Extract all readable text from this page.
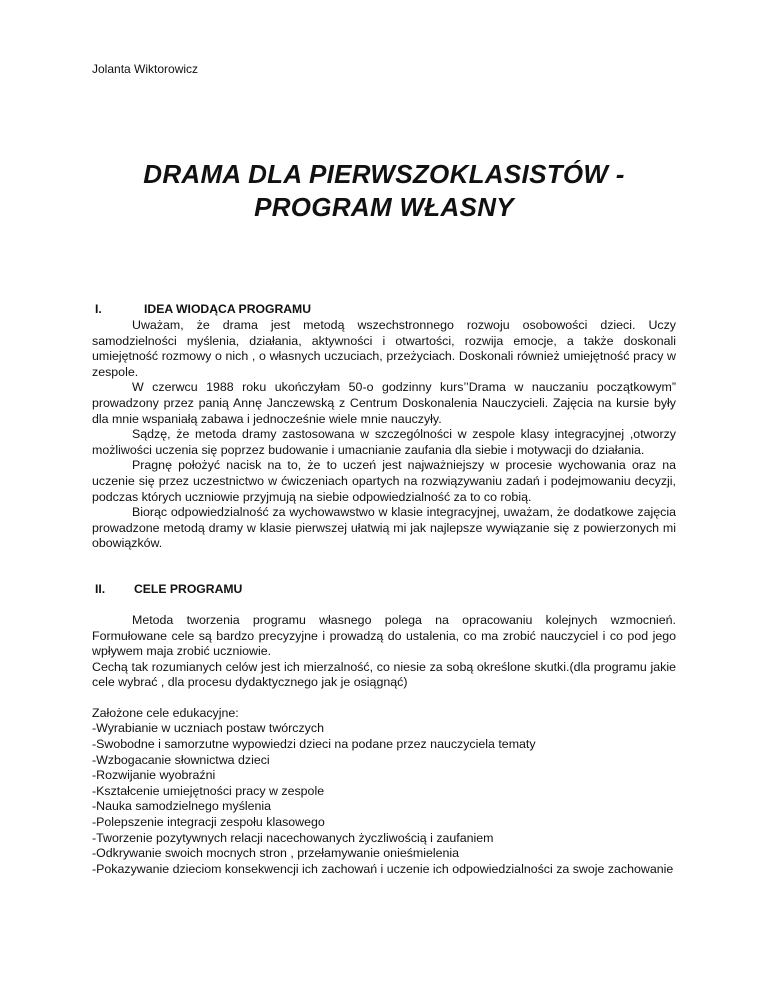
Jolanta Wiktorowicz
DRAMA DLA PIERWSZOKLASISTÓW -
PROGRAM WŁASNY
I.	IDEA WIODĄCA PROGRAMU

Uważam, że drama jest metodą wszechstronnego rozwoju osobowości dzieci. Uczy samodzielności myślenia, działania, aktywności i otwartości, rozwija emocje, a także doskonali umiejętność rozmowy o nich , o własnych uczuciach, przeżyciach. Doskonali również umiejętność pracy w zespole.

W czerwcu 1988 roku ukończyłam 50-o godzinny kurs’’Drama w nauczaniu początkowym” prowadzony przez panią Annę Janczewską z Centrum Doskonalenia Nauczycieli. Zajęcia na kursie były dla mnie wspaniałą zabawa i jednocześnie wiele mnie nauczyły.

Sądzę, że metoda dramy zastosowana w szczególności w zespole klasy integracyjnej ,otworzy możliwości uczenia się poprzez budowanie i umacnianie zaufania dla siebie i motywacji do działania.

Pragnę położyć nacisk na to, że to uczeń jest najważniejszy w procesie wychowania oraz na uczenie się przez uczestnictwo w ćwiczeniach opartych na rozwiązywaniu zadań i podejmowaniu decyzji, podczas których uczniowie przyjmują na siebie odpowiedzialność za to co robią.

Biorąc odpowiedzialność za wychowawstwo w klasie integracyjnej, uważam, że dodatkowe zajęcia prowadzone metodą dramy w klasie pierwszej ułatwią mi jak najlepsze wywiązanie się z powierzonych mi obowiązków.

II. CELE PROGRAMU

Metoda tworzenia programu własnego polega na opracowaniu kolejnych wzmocnień. Formułowane cele są bardzo precyzyjne i prowadzą do ustalenia, co ma zrobić nauczyciel i co pod jego wpływem maja zrobić uczniowie.

Cechą tak rozumianych celów jest ich mierzalność, co niesie za sobą określone skutki.(dla programu jakie cele wybrać , dla procesu dydaktycznego jak je osiągnąć)

Założone cele edukacyjne:

-Wyrabianie w uczniach postaw twórczych

-Swobodne i samorzutne wypowiedzi dzieci na podane przez nauczyciela tematy

-Wzbogacanie słownictwa dzieci

-Rozwijanie wyobraźni

-Kształcenie umiejętności pracy w zespole

-Nauka samodzielnego myślenia

-Polepszenie integracji zespołu klasowego

-Tworzenie pozytywnych relacji nacechowanych życzliwością i zaufaniem

-Odkrywanie swoich mocnych stron , przełamywanie onieśmielenia

-Pokazywanie dzieciom konsekwencji ich zachowań i uczenie ich odpowiedzialności za swoje zachowanie
